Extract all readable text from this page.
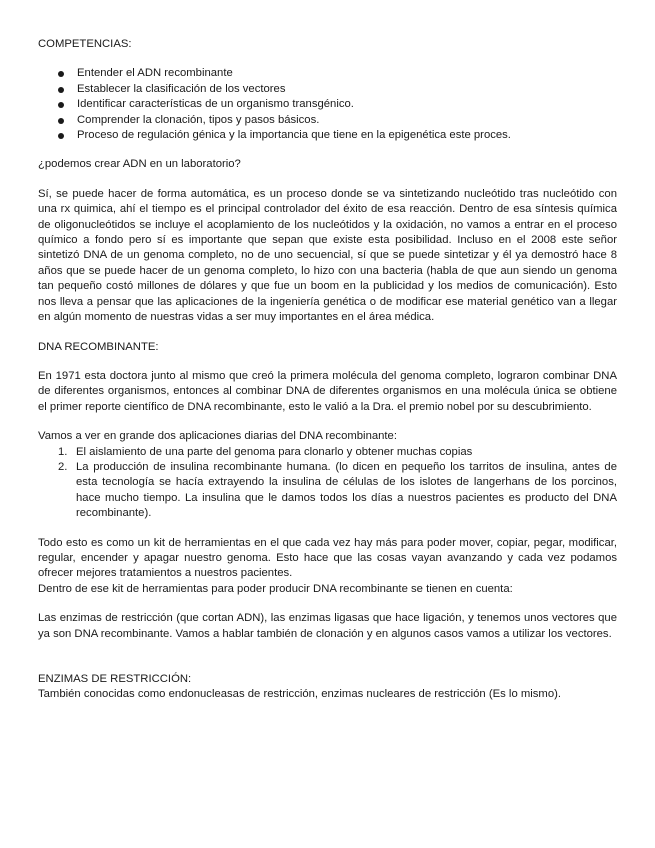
COMPETENCIAS:

Entender el ADN recombinante
Establecer la clasificación de los vectores
Identificar características de un organismo transgénico.
Comprender la clonación, tipos y pasos básicos.
Proceso de regulación génica y la importancia que tiene en la epigenética este proces.

¿podemos crear ADN en un laboratorio?

Sí, se puede hacer de forma automática, es un proceso donde se va sintetizando nucleótido tras nucleótido con una rx quimica, ahí el tiempo es el principal controlador del éxito de esa reacción. Dentro de esa síntesis química de oligonucleótidos se incluye el acoplamiento de los nucleótidos y la oxidación, no vamos a entrar en el proceso químico a fondo pero sí es importante que sepan que existe esta posibilidad. Incluso en el 2008 este señor sintetizó DNA de un genoma completo, no de uno secuencial, sí que se puede sintetizar y él ya demostró hace 8 años que se puede hacer de un genoma completo, lo hizo con una bacteria (habla de que aun siendo un genoma tan pequeño costó millones de dólares y que fue un boom en la publicidad y los medios de comunicación). Esto nos lleva a pensar que las aplicaciones de la ingeniería genética o de modificar ese material genético van a llegar en algún momento de nuestras vidas a ser muy importantes en el área médica.

DNA RECOMBINANTE:

En 1971 esta doctora junto al mismo que creó la primera molécula del genoma completo, lograron combinar DNA de diferentes organismos, entonces al combinar DNA de diferentes organismos en una molécula única se obtiene el primer reporte científico de DNA recombinante, esto le valió a la Dra. el premio nobel por su descubrimiento.

Vamos a ver en grande dos aplicaciones diarias del DNA recombinante:

1. El aislamiento de una parte del genoma para clonarlo y obtener muchas copias
2. La producción de insulina recombinante humana. (lo dicen en pequeño los tarritos de insulina, antes de esta tecnología se hacía extrayendo la insulina de células de los islotes de langerhans de los porcinos, hace mucho tiempo. La insulina que le damos todos los días a nuestros pacientes es producto del DNA recombinante).

Todo esto es como un kit de herramientas en el que cada vez hay más para poder mover, copiar, pegar, modificar, regular, encender y apagar nuestro genoma. Esto hace que las cosas vayan avanzando y cada vez podamos ofrecer mejores tratamientos a nuestros pacientes.

Dentro de ese kit de herramientas para poder producir DNA recombinante se tienen en cuenta:

Las enzimas de restricción (que cortan ADN), las enzimas ligasas que hace ligación, y tenemos unos vectores que ya son DNA recombinante. Vamos a hablar también de clonación y en algunos casos vamos a utilizar los vectores.

ENZIMAS DE RESTRICCIÓN:

También conocidas como endonucleasas de restricción, enzimas nucleares de restricción (Es lo mismo).
